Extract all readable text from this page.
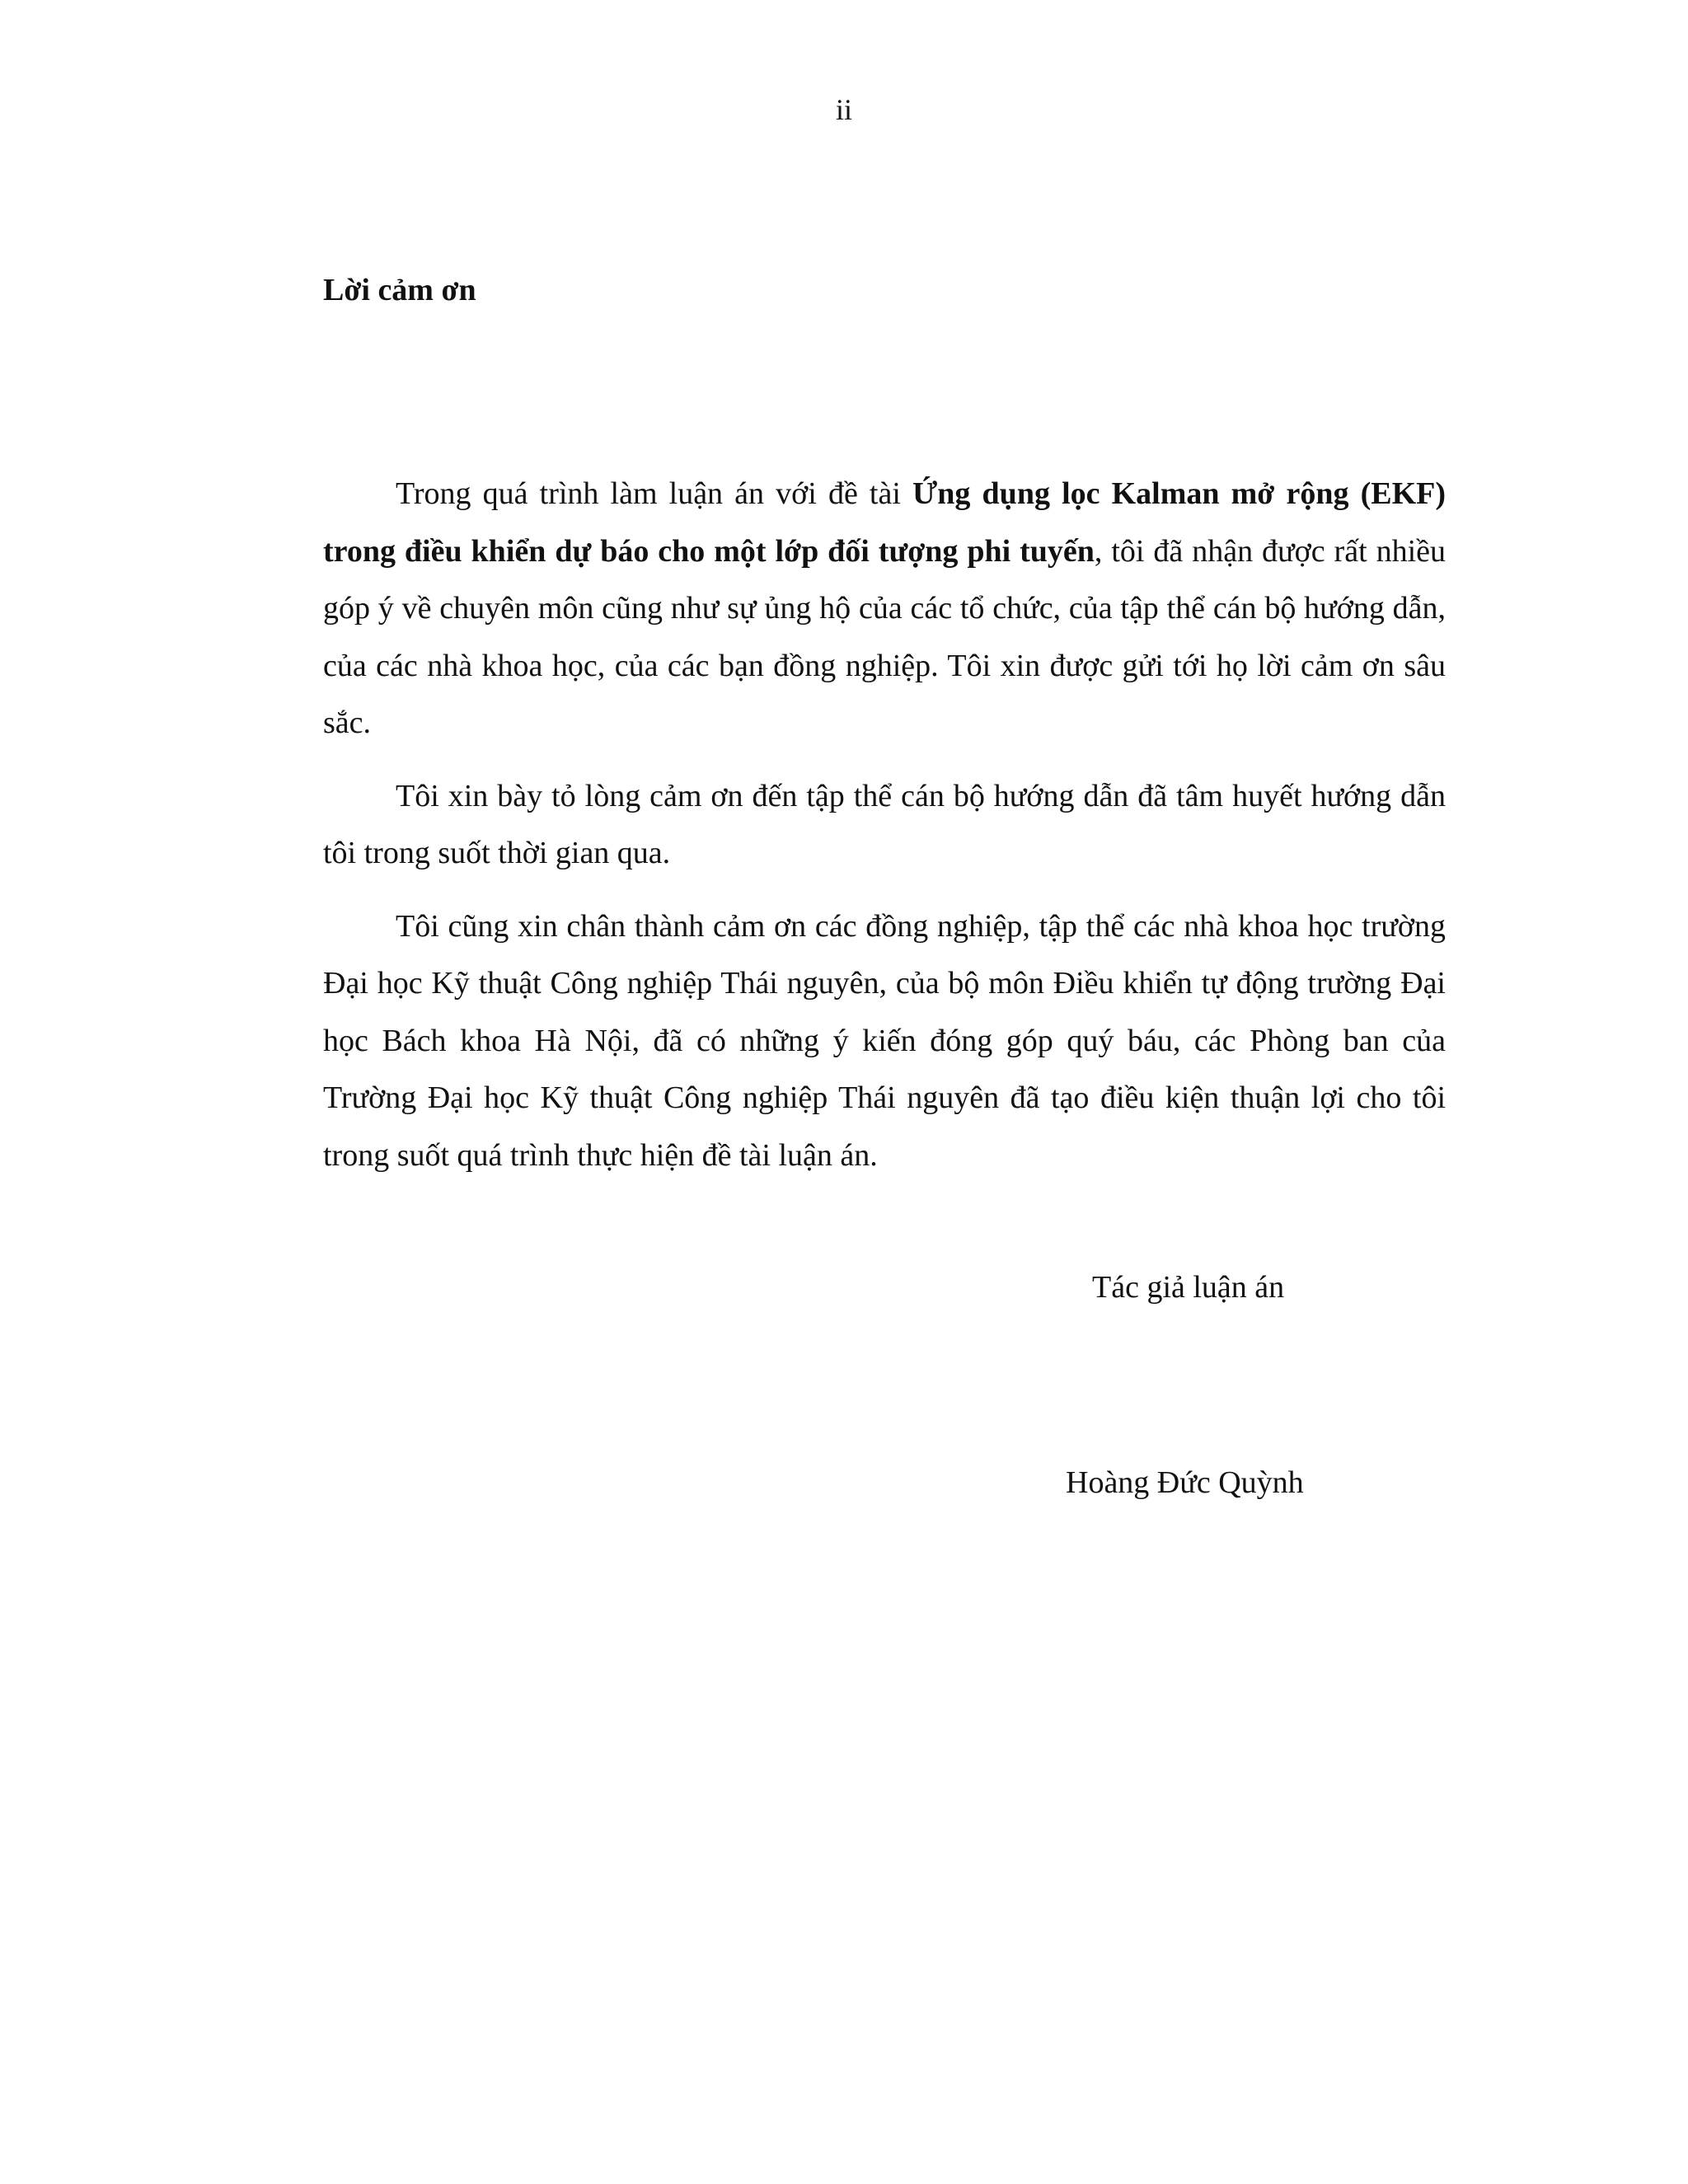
ii
Lời cảm ơn

Trong quá trình làm luận án với đề tài Ứng dụng lọc Kalman mở rộng (EKF) trong điều khiển dự báo cho một lớp đối tượng phi tuyến, tôi đã nhận được rất nhiều góp ý về chuyên môn cũng như sự ủng hộ của các tổ chức, của tập thể cán bộ hướng dẫn, của các nhà khoa học, của các bạn đồng nghiệp. Tôi xin được gửi tới họ lời cảm ơn sâu sắc.

Tôi xin bày tỏ lòng cảm ơn đến tập thể cán bộ hướng dẫn đã tâm huyết hướng dẫn tôi trong suốt thời gian qua.

Tôi cũng xin chân thành cảm ơn các đồng nghiệp, tập thể các nhà khoa học trường Đại học Kỹ thuật Công nghiệp Thái nguyên, của bộ môn Điều khiển tự động trường Đại học Bách khoa Hà Nội, đã có những ý kiến đóng góp quý báu, các Phòng ban của Trường Đại học Kỹ thuật Công nghiệp Thái nguyên đã tạo điều kiện thuận lợi cho tôi trong suốt quá trình thực hiện đề tài luận án.

Tác giả luận án
Hoàng Đức Quỳnh
